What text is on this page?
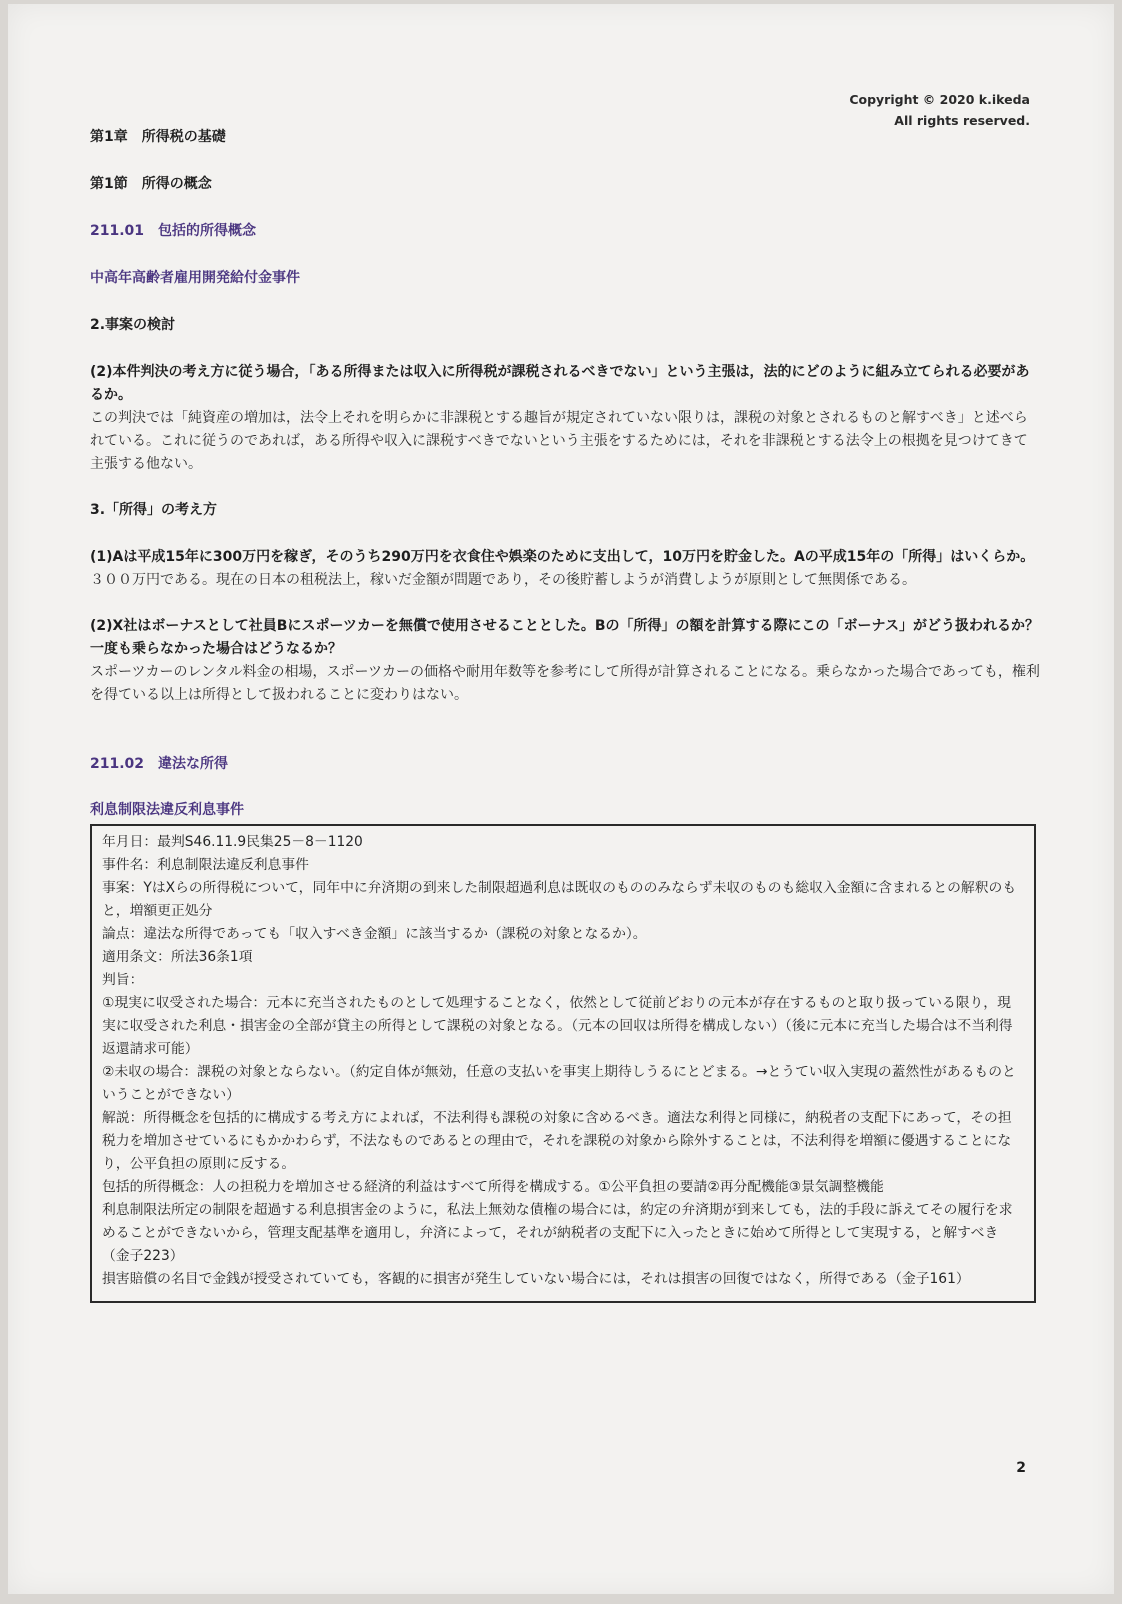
Copyright © 2020 k.ikeda
All rights reserved.

第1章　所得税の基礎

第1節　所得の概念

211.01　包括的所得概念

中高年高齢者雇用開発給付金事件

2.事案の検討

(2)本件判決の考え方に従う場合，「ある所得または収入に所得税が課税されるべきでない」という主張は，法的にどのように組み立てられる必要があるか。

この判決では「純資産の増加は，法令上それを明らかに非課税とする趣旨が規定されていない限りは，課税の対象とされるものと解すべき」と述べられている。これに従うのであれば，ある所得や収入に課税すべきでないという主張をするためには，それを非課税とする法令上の根拠を見つけてきて主張する他ない。

3.「所得」の考え方

(1)Aは平成15年に300万円を稼ぎ，そのうち290万円を衣食住や娯楽のために支出して，10万円を貯金した。Aの平成15年の「所得」はいくらか。

３００万円である。現在の日本の租税法上，稼いだ金額が問題であり，その後貯蓄しようが消費しようが原則として無関係である。

(2)X社はボーナスとして社員Bにスポーツカーを無償で使用させることとした。Bの「所得」の額を計算する際にこの「ボーナス」がどう扱われるか？一度も乗らなかった場合はどうなるか？

スポーツカーのレンタル料金の相場，スポーツカーの価格や耐用年数等を参考にして所得が計算されることになる。乗らなかった場合であっても，権利を得ている以上は所得として扱われることに変わりはない。

211.02　違法な所得

利息制限法違反利息事件

年月日：最判S46.11.9民集25－8－1120

事件名：利息制限法違反利息事件

事案：YはXらの所得税について，同年中に弁済期の到来した制限超過利息は既収のもののみならず未収のものも総収入金額に含まれるとの解釈のもと，増額更正処分

論点：違法な所得であっても「収入すべき金額」に該当するか（課税の対象となるか）。

適用条文：所法36条1項

判旨：

①現実に収受された場合：元本に充当されたものとして処理することなく，依然として従前どおりの元本が存在するものと取り扱っている限り，現実に収受された利息・損害金の全部が貸主の所得として課税の対象となる。（元本の回収は所得を構成しない）（後に元本に充当した場合は不当利得返還請求可能）

②未収の場合：課税の対象とならない。（約定自体が無効，任意の支払いを事実上期待しうるにとどまる。→とうてい収入実現の蓋然性があるものということができない）

解説：所得概念を包括的に構成する考え方によれば，不法利得も課税の対象に含めるべき。適法な利得と同様に，納税者の支配下にあって，その担税力を増加させているにもかかわらず，不法なものであるとの理由で，それを課税の対象から除外することは，不法利得を増額に優遇することになり，公平負担の原則に反する。

包括的所得概念：人の担税力を増加させる経済的利益はすべて所得を構成する。①公平負担の要請②再分配機能③景気調整機能

利息制限法所定の制限を超過する利息損害金のように，私法上無効な債権の場合には，約定の弁済期が到来しても，法的手段に訴えてその履行を求めることができないから，管理支配基準を適用し，弁済によって，それが納税者の支配下に入ったときに始めて所得として実現する，と解すべき（金子223）

損害賠償の名目で金銭が授受されていても，客観的に損害が発生していない場合には，それは損害の回復ではなく，所得である（金子161）

2
